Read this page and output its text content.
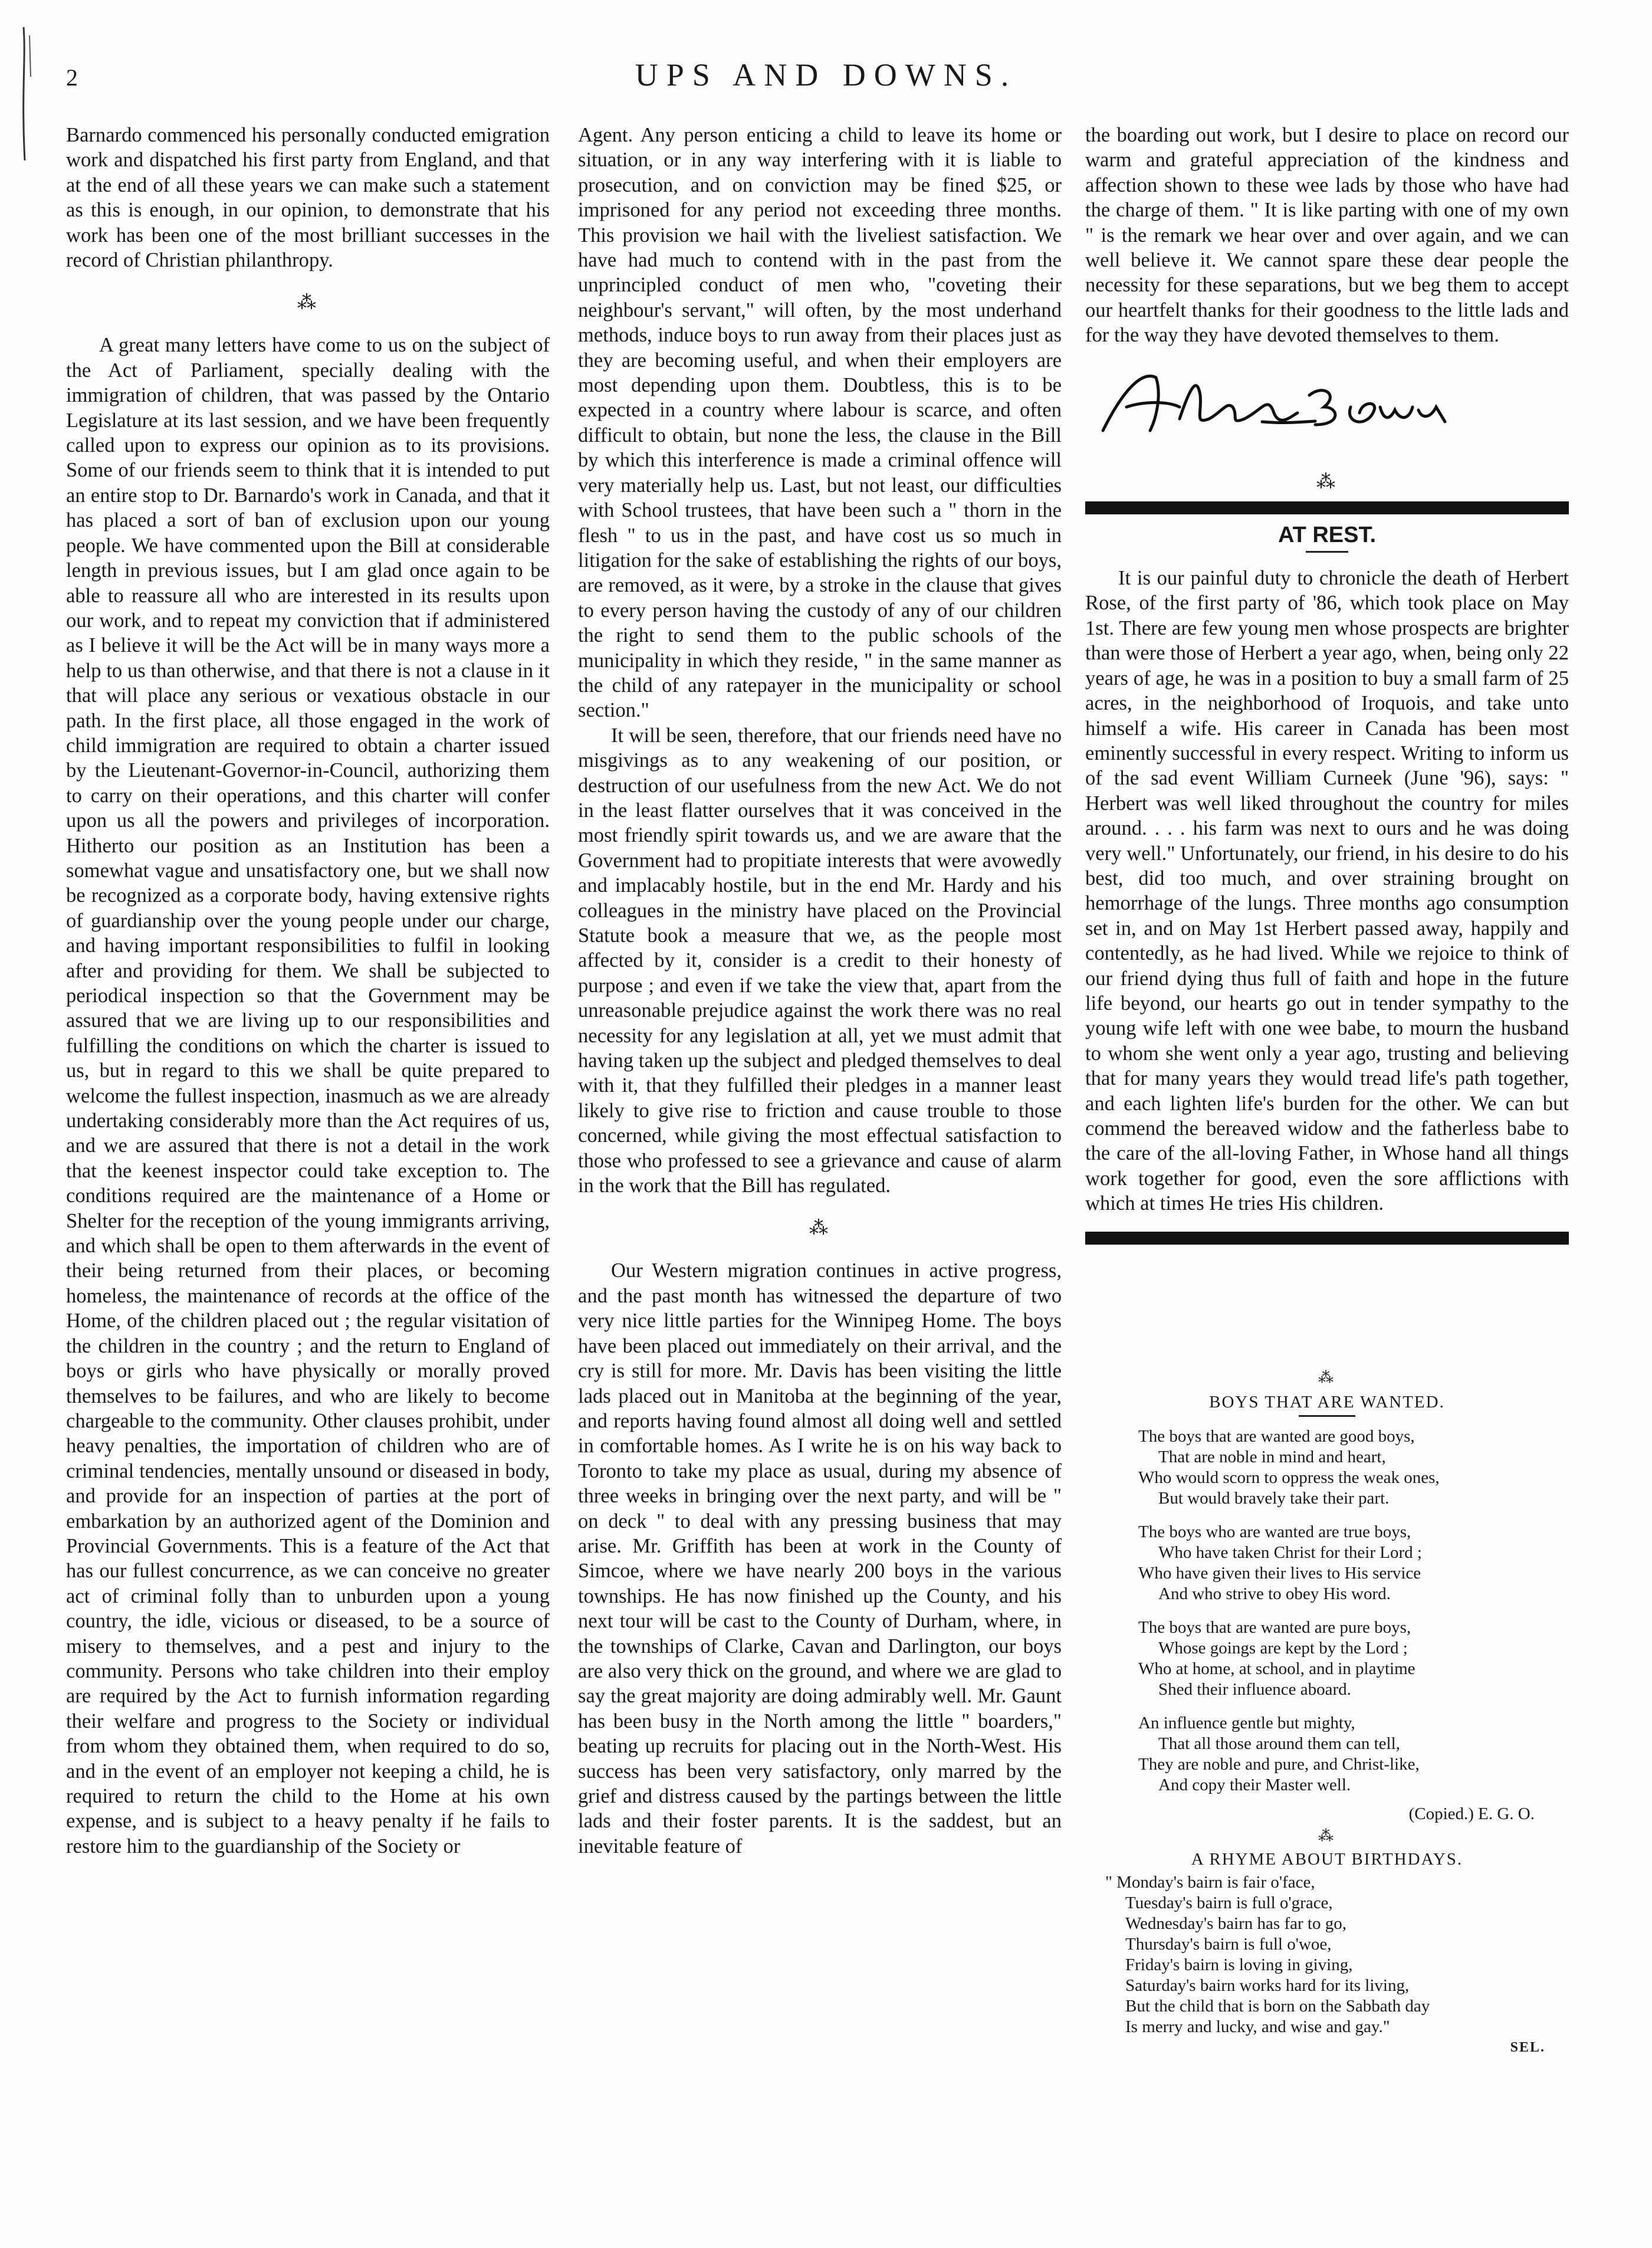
2	UPS AND DOWNS.

Barnardo commenced his personally conducted emigration work and dispatched his first party from England, and that at the end of all these years we can make such a statement as this is enough, in our opinion, to demonstrate that his work has been one of the most brilliant successes in the record of Christian philanthropy.

⁂

A great many letters have come to us on the subject of the Act of Parliament, specially dealing with the immigration of children, that was passed by the Ontario Legislature at its last session, and we have been frequently called upon to express our opinion as to its provisions. Some of our friends seem to think that it is intended to put an entire stop to Dr. Barnardo's work in Canada, and that it has placed a sort of ban of exclusion upon our young people. We have commented upon the Bill at considerable length in previous issues, but I am glad once again to be able to reassure all who are interested in its results upon our work, and to repeat my conviction that if administered as I believe it will be the Act will be in many ways more a help to us than otherwise, and that there is not a clause in it that will place any serious or vexatious obstacle in our path. In the first place, all those engaged in the work of child immigration are required to obtain a charter issued by the Lieutenant-Governor-in-Council, authorizing them to carry on their operations, and this charter will confer upon us all the powers and privileges of incorporation. Hitherto our position as an Institution has been a somewhat vague and unsatisfactory one, but we shall now be recognized as a corporate body, having extensive rights of guardianship over the young people under our charge, and having important responsibilities to fulfil in looking after and providing for them. We shall be subjected to periodical inspection so that the Government may be assured that we are living up to our responsibilities and fulfilling the conditions on which the charter is issued to us, but in regard to this we shall be quite prepared to welcome the fullest inspection, inasmuch as we are already undertaking considerably more than the Act requires of us, and we are assured that there is not a detail in the work that the keenest inspector could take exception to. The conditions required are the maintenance of a Home or Shelter for the reception of the young immigrants arriving, and which shall be open to them afterwards in the event of their being returned from their places, or becoming homeless, the maintenance of records at the office of the Home, of the children placed out ; the regular visitation of the children in the country ; and the return to England of boys or girls who have physically or morally proved themselves to be failures, and who are likely to become chargeable to the community. Other clauses prohibit, under heavy penalties, the importation of children who are of criminal tendencies, mentally unsound or diseased in body, and provide for an inspection of parties at the port of embarkation by an authorized agent of the Dominion and Provincial Governments. This is a feature of the Act that has our fullest concurrence, as we can conceive no greater act of criminal folly than to unburden upon a young country, the idle, vicious or diseased, to be a source of misery to themselves, and a pest and injury to the community. Persons who take children into their employ are required by the Act to furnish information regarding their welfare and progress to the Society or individual from whom they obtained them, when required to do so, and in the event of an employer not keeping a child, he is required to return the child to the Home at his own expense, and is subject to a heavy penalty if he fails to restore him to the guardianship of the Society or

Agent. Any person enticing a child to leave its home or situation, or in any way interfering with it is liable to prosecution, and on conviction may be fined $25, or imprisoned for any period not exceeding three months. This provision we hail with the liveliest satisfaction. We have had much to contend with in the past from the unprincipled conduct of men who, "coveting their neighbour's servant," will often, by the most underhand methods, induce boys to run away from their places just as they are becoming useful, and when their employers are most depending upon them. Doubtless, this is to be expected in a country where labour is scarce, and often difficult to obtain, but none the less, the clause in the Bill by which this interference is made a criminal offence will very materially help us. Last, but not least, our difficulties with School trustees, that have been such a " thorn in the flesh " to us in the past, and have cost us so much in litigation for the sake of establishing the rights of our boys, are removed, as it were, by a stroke in the clause that gives to every person having the custody of any of our children the right to send them to the public schools of the municipality in which they reside, " in the same manner as the child of any ratepayer in the municipality or school section."

It will be seen, therefore, that our friends need have no misgivings as to any weakening of our position, or destruction of our usefulness from the new Act. We do not in the least flatter ourselves that it was conceived in the most friendly spirit towards us, and we are aware that the Government had to propitiate interests that were avowedly and implacably hostile, but in the end Mr. Hardy and his colleagues in the ministry have placed on the Provincial Statute book a measure that we, as the people most affected by it, consider is a credit to their honesty of purpose ; and even if we take the view that, apart from the unreasonable prejudice against the work there was no real necessity for any legislation at all, yet we must admit that having taken up the subject and pledged themselves to deal with it, that they fulfilled their pledges in a manner least likely to give rise to friction and cause trouble to those concerned, while giving the most effectual satisfaction to those who professed to see a grievance and cause of alarm in the work that the Bill has regulated.

⁂

Our Western migration continues in active progress, and the past month has witnessed the departure of two very nice little parties for the Winnipeg Home. The boys have been placed out immediately on their arrival, and the cry is still for more. Mr. Davis has been visiting the little lads placed out in Manitoba at the beginning of the year, and reports having found almost all doing well and settled in comfortable homes. As I write he is on his way back to Toronto to take my place as usual, during my absence of three weeks in bringing over the next party, and will be " on deck " to deal with any pressing business that may arise. Mr. Griffith has been at work in the County of Simcoe, where we have nearly 200 boys in the various townships. He has now finished up the County, and his next tour will be cast to the County of Durham, where, in the townships of Clarke, Cavan and Darlington, our boys are also very thick on the ground, and where we are glad to say the great majority are doing admirably well. Mr. Gaunt has been busy in the North among the little " boarders," beating up recruits for placing out in the North-West. His success has been very satisfactory, only marred by the grief and distress caused by the partings between the little lads and their foster parents. It is the saddest, but an inevitable feature of

the boarding out work, but I desire to place on record our warm and grateful appreciation of the kindness and affection shown to these wee lads by those who have had the charge of them. " It is like parting with one of my own " is the remark we hear over and over again, and we can well believe it. We cannot spare these dear people the necessity for these separations, but we beg them to accept our heartfelt thanks for their goodness to the little lads and for the way they have devoted themselves to them.

⁂
AT REST.

It is our painful duty to chronicle the death of Herbert Rose, of the first party of '86, which took place on May 1st. There are few young men whose prospects are brighter than were those of Herbert a year ago, when, being only 22 years of age, he was in a position to buy a small farm of 25 acres, in the neighborhood of Iroquois, and take unto himself a wife. His career in Canada has been most eminently successful in every respect. Writing to inform us of the sad event William Curneek (June '96), says: " Herbert was well liked throughout the country for miles around. . . . his farm was next to ours and he was doing very well." Unfortunately, our friend, in his desire to do his best, did too much, and over straining brought on hemorrhage of the lungs. Three months ago consumption set in, and on May 1st Herbert passed away, happily and contentedly, as he had lived. While we rejoice to think of our friend dying thus full of faith and hope in the future life beyond, our hearts go out in tender sympathy to the young wife left with one wee babe, to mourn the husband to whom she went only a year ago, trusting and believing that for many years they would tread life's path together, and each lighten life's burden for the other. We can but commend the bereaved widow and the fatherless babe to the care of the all-loving Father, in Whose hand all things work together for good, even the sore afflictions with which at times He tries His children.

⁂
BOYS THAT ARE WANTED.
The boys that are wanted are good boys,
That are noble in mind and heart,
Who would scorn to oppress the weak ones,
But would bravely take their part.
The boys who are wanted are true boys,
Who have taken Christ for their Lord ;
Who have given their lives to His service
And who strive to obey His word.
The boys that are wanted are pure boys,
Whose goings are kept by the Lord ;
Who at home, at school, and in playtime
Shed their influence aboard.
An influence gentle but mighty,
That all those around them can tell,
They are noble and pure, and Christ-like,
And copy their Master well.
(Copied.) E. G. O.
⁂
A RHYME ABOUT BIRTHDAYS.
" Monday's bairn is fair o'face,
Tuesday's bairn is full o'grace,
Wednesday's bairn has far to go,
Thursday's bairn is full o'woe,
Friday's bairn is loving in giving,
Saturday's bairn works hard for its living,
But the child that is born on the Sabbath day
Is merry and lucky, and wise and gay."
SEL.
